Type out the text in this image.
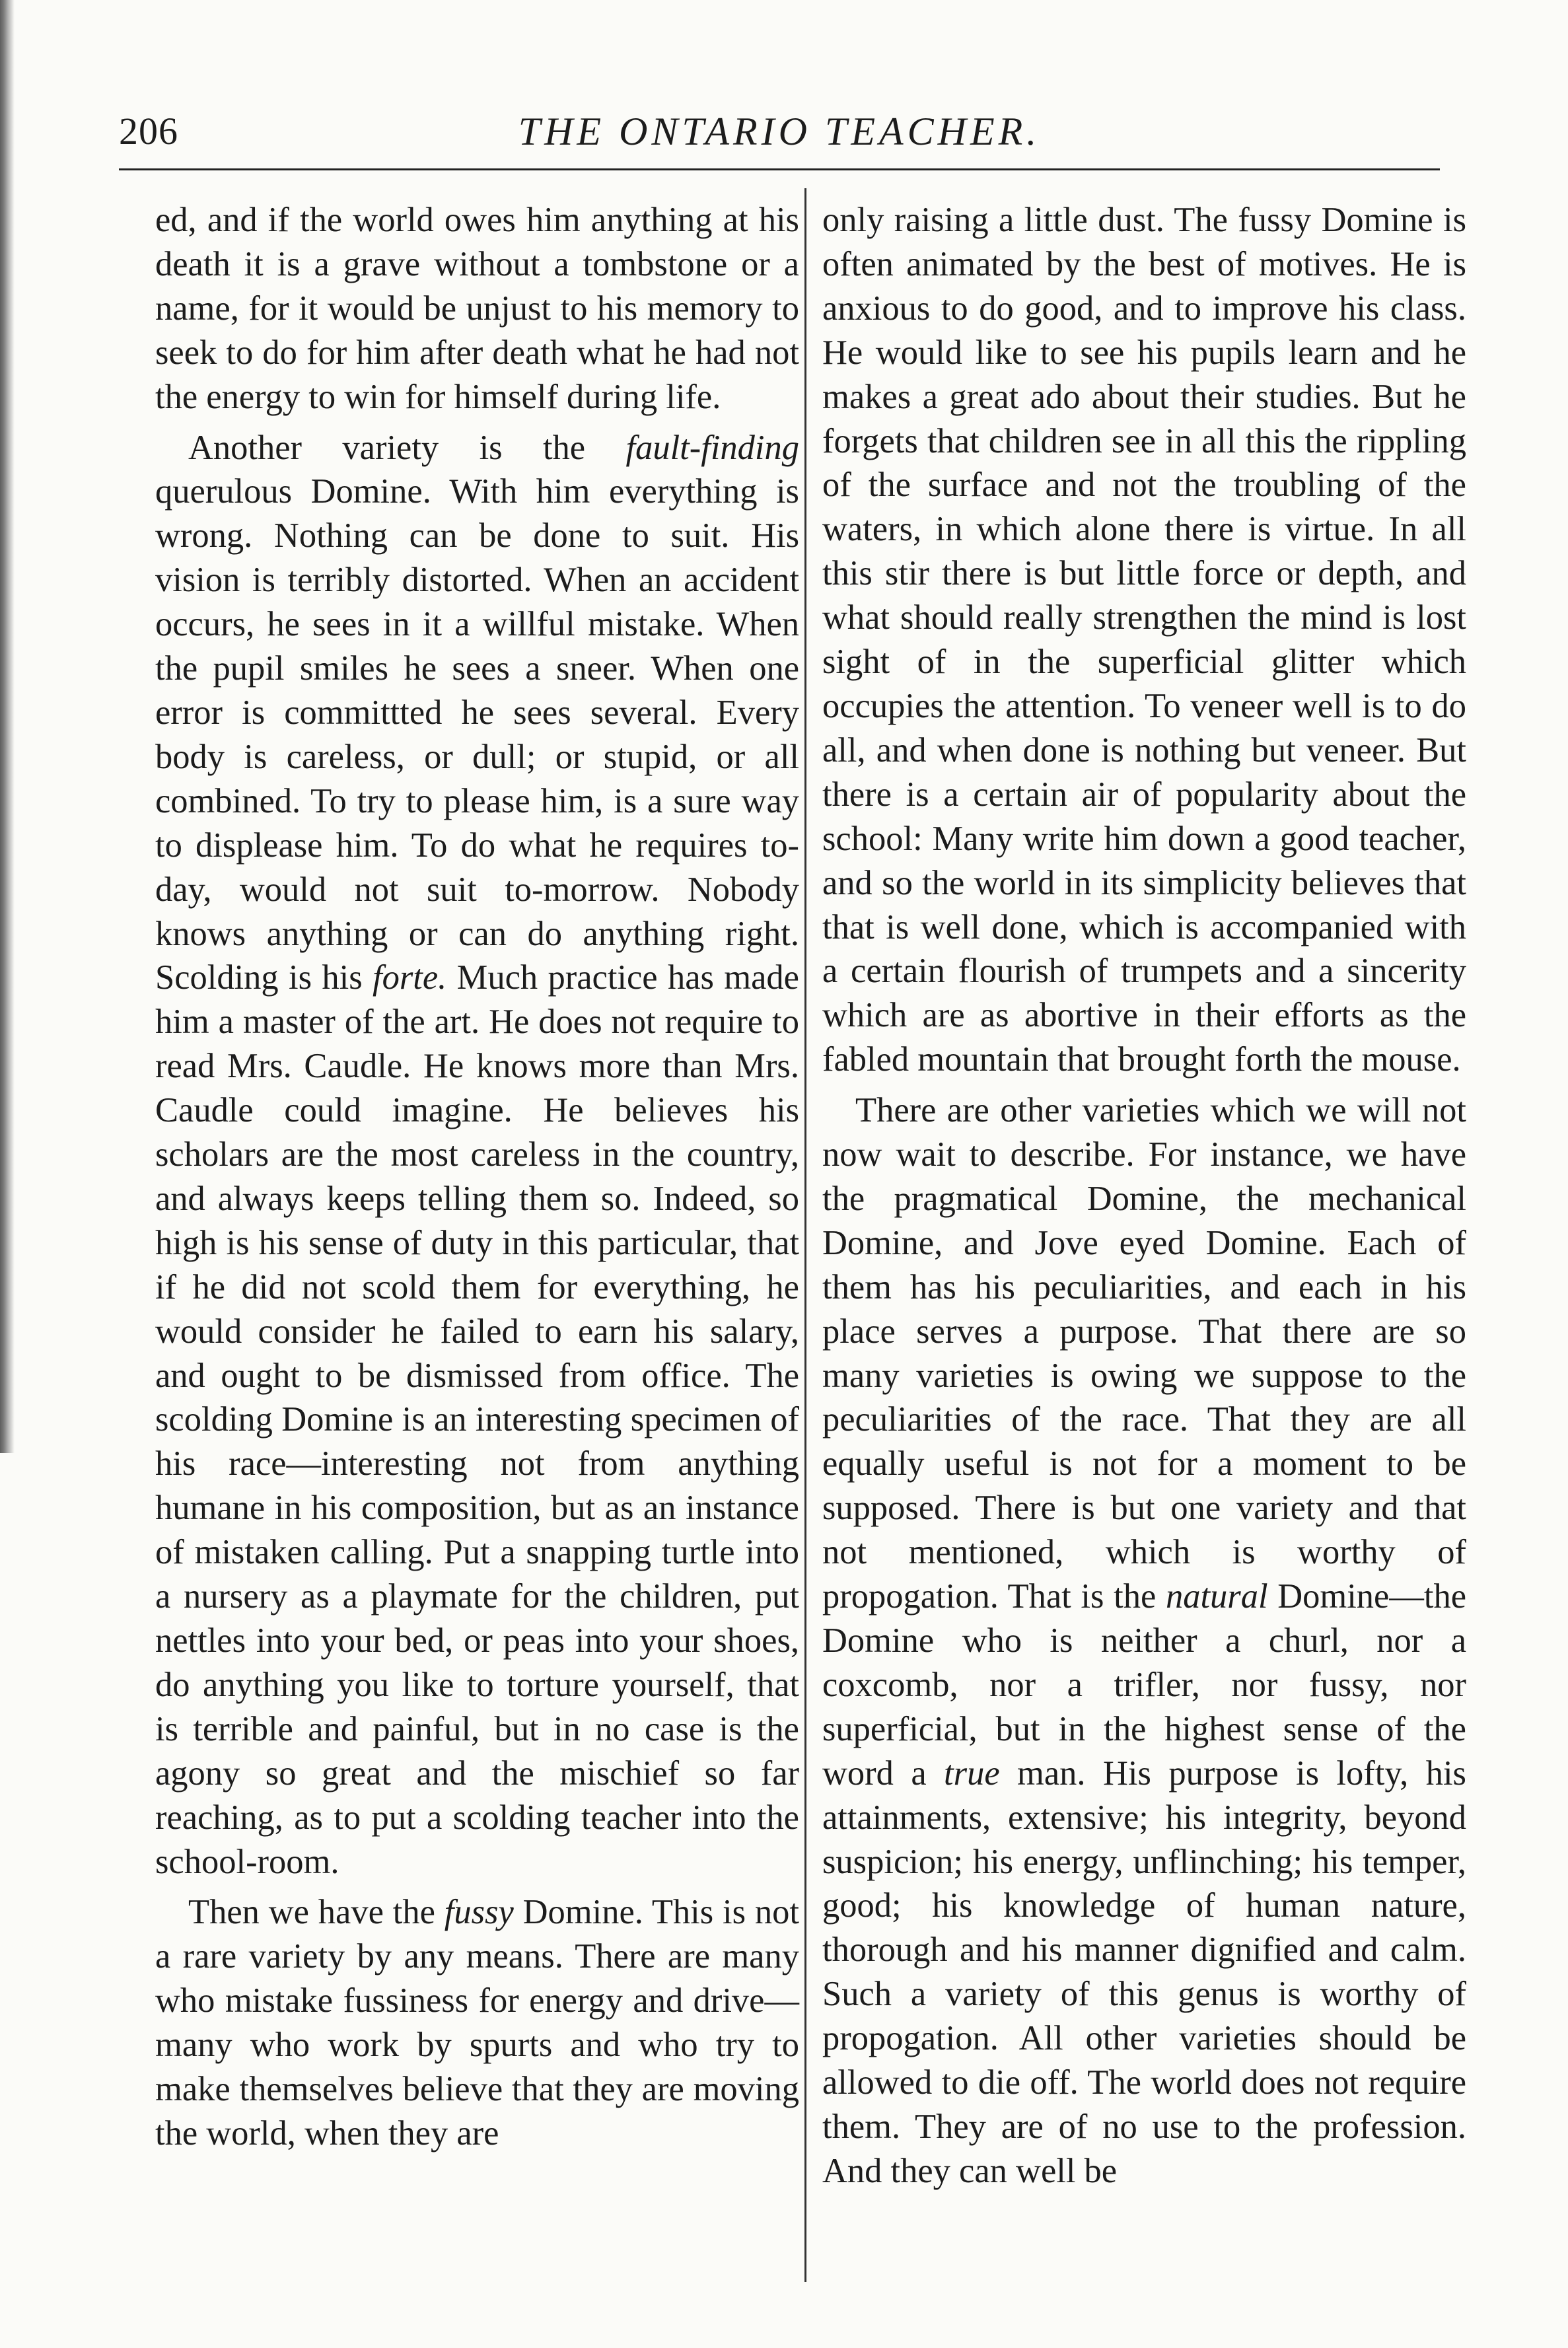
206	THE ONTARIO TEACHER.

ed, and if the world owes him anything at his death it is a grave without a tombstone or a name, for it would be unjust to his memory to seek to do for him after death what he had not the energy to win for himself during life.

Another variety is the fault-finding querulous Domine. With him everything is wrong. Nothing can be done to suit. His vision is terribly distorted. When an accident occurs, he sees in it a willful mistake. When the pupil smiles he sees a sneer. When one error is committted he sees several. Every body is careless, or dull; or stupid, or all combined. To try to please him, is a sure way to displease him. To do what he requires to-day, would not suit to-morrow. Nobody knows anything or can do anything right. Scolding is his forte. Much practice has made him a master of the art. He does not require to read Mrs. Caudle. He knows more than Mrs. Caudle could imagine. He believes his scholars are the most careless in the country, and always keeps telling them so. Indeed, so high is his sense of duty in this particular, that if he did not scold them for everything, he would consider he failed to earn his salary, and ought to be dismissed from office. The scolding Domine is an interesting specimen of his race—interesting not from anything humane in his composition, but as an instance of mistaken calling. Put a snapping turtle into a nursery as a playmate for the children, put nettles into your bed, or peas into your shoes, do anything you like to torture yourself, that is terrible and painful, but in no case is the agony so great and the mischief so far reaching, as to put a scolding teacher into the school-room.

Then we have the fussy Domine. This is not a rare variety by any means. There are many who mistake fussiness for energy and drive—many who work by spurts and who try to make themselves believe that they are moving the world, when they are

only raising a little dust. The fussy Domine is often animated by the best of motives. He is anxious to do good, and to improve his class. He would like to see his pupils learn and he makes a great ado about their studies. But he forgets that children see in all this the rippling of the surface and not the troubling of the waters, in which alone there is virtue. In all this stir there is but little force or depth, and what should really strengthen the mind is lost sight of in the superficial glitter which occupies the attention. To veneer well is to do all, and when done is nothing but veneer. But there is a certain air of popularity about the school: Many write him down a good teacher, and so the world in its simplicity believes that that is well done, which is accompanied with a certain flourish of trumpets and a sincerity which are as abortive in their efforts as the fabled mountain that brought forth the mouse.

There are other varieties which we will not now wait to describe. For instance, we have the pragmatical Domine, the mechanical Domine, and Jove eyed Domine. Each of them has his peculiarities, and each in his place serves a purpose. That there are so many varieties is owing we suppose to the peculiarities of the race. That they are all equally useful is not for a moment to be supposed. There is but one variety and that not mentioned, which is worthy of propogation. That is the natural Domine—the Domine who is neither a churl, nor a coxcomb, nor a trifler, nor fussy, nor superficial, but in the highest sense of the word a true man. His purpose is lofty, his attainments, extensive; his integrity, beyond suspicion; his energy, unflinching; his temper, good; his knowledge of human nature, thorough and his manner dignified and calm. Such a variety of this genus is worthy of propogation. All other varieties should be allowed to die off. The world does not require them. They are of no use to the profession. And they can well be
